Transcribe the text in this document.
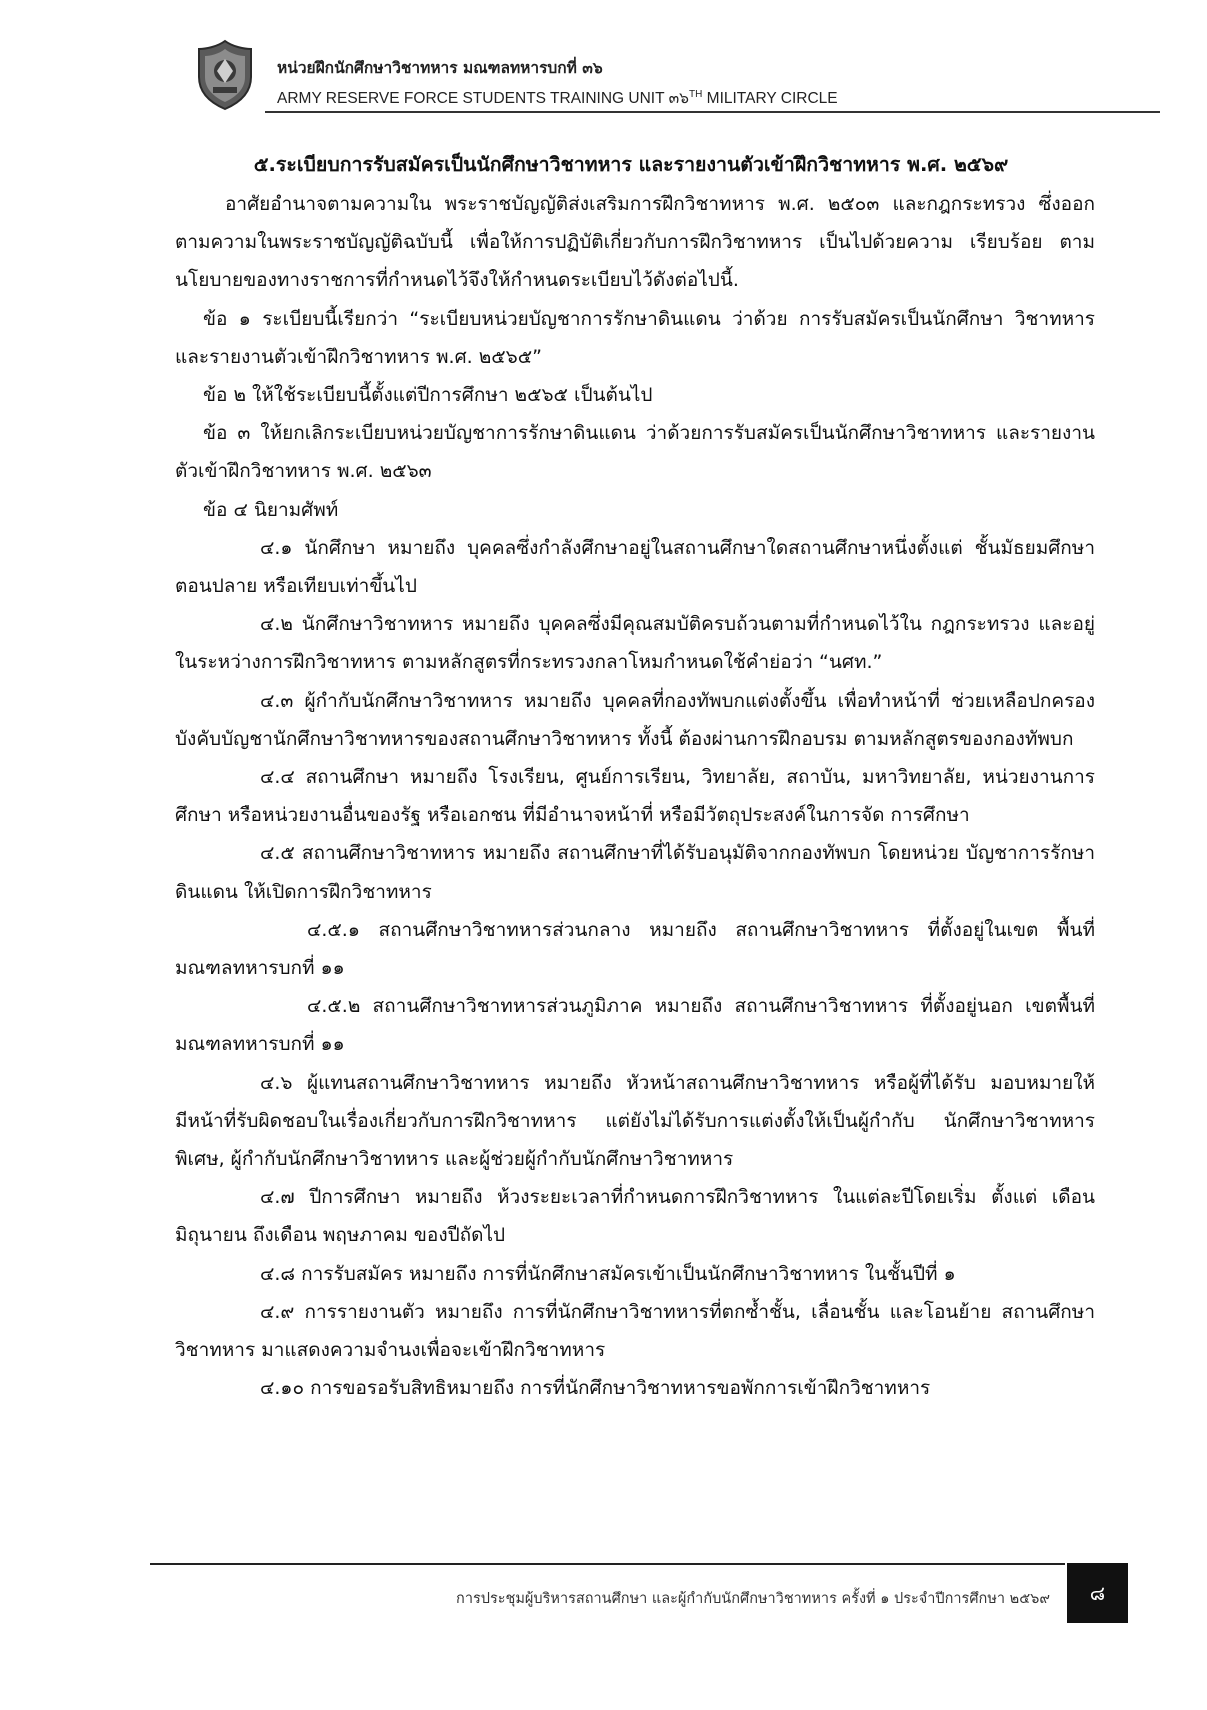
หน่วยฝึกนักศึกษาวิชาทหาร มณฑลทหารบกที่ ๓๖
ARMY RESERVE FORCE STUDENTS TRAINING UNIT ๓๖$^{TH}$ MILITARY CIRCLE
๕.ระเบียบการรับสมัครเป็นนักศึกษาวิชาทหาร และรายงานตัวเข้าฝึกวิชาทหาร พ.ศ. ๒๕๖๙

อาศัยอำนาจตามความใน พระราชบัญญัติส่งเสริมการฝึกวิชาทหาร พ.ศ. ๒๕๐๓ และกฎกระทรวง ซึ่งออกตามความในพระราชบัญญัติฉบับนี้ เพื่อให้การปฏิบัติเกี่ยวกับการฝึกวิชาทหาร เป็นไปด้วยความ เรียบร้อย ตามนโยบายของทางราชการที่กำหนดไว้จึงให้กำหนดระเบียบไว้ดังต่อไปนี้.

ข้อ ๑ ระเบียบนี้เรียกว่า “ระเบียบหน่วยบัญชาการรักษาดินแดน ว่าด้วย การรับสมัครเป็นนักศึกษา วิชาทหาร และรายงานตัวเข้าฝึกวิชาทหาร พ.ศ. ๒๕๖๕”

ข้อ ๒ ให้ใช้ระเบียบนี้ตั้งแต่ปีการศึกษา ๒๕๖๕ เป็นต้นไป

ข้อ ๓ ให้ยกเลิกระเบียบหน่วยบัญชาการรักษาดินแดน ว่าด้วยการรับสมัครเป็นนักศึกษาวิชาทหาร และรายงานตัวเข้าฝึกวิชาทหาร พ.ศ. ๒๕๖๓

ข้อ ๔ นิยามศัพท์

๔.๑ นักศึกษา หมายถึง บุคคลซึ่งกำลังศึกษาอยู่ในสถานศึกษาใดสถานศึกษาหนึ่งตั้งแต่ ชั้นมัธยมศึกษาตอนปลาย หรือเทียบเท่าขึ้นไป

๔.๒ นักศึกษาวิชาทหาร หมายถึง บุคคลซึ่งมีคุณสมบัติครบถ้วนตามที่กำหนดไว้ใน กฎกระทรวง และอยู่ในระหว่างการฝึกวิชาทหาร ตามหลักสูตรที่กระทรวงกลาโหมกำหนดใช้คำย่อว่า “นศท.”

๔.๓ ผู้กำกับนักศึกษาวิชาทหาร หมายถึง บุคคลที่กองทัพบกแต่งตั้งขึ้น เพื่อทำหน้าที่ ช่วยเหลือปกครองบังคับบัญชานักศึกษาวิชาทหารของสถานศึกษาวิชาทหาร ทั้งนี้ ต้องผ่านการฝึกอบรม ตามหลักสูตรของกองทัพบก

๔.๔ สถานศึกษา หมายถึง โรงเรียน, ศูนย์การเรียน, วิทยาลัย, สถาบัน, มหาวิทยาลัย, หน่วยงานการศึกษา หรือหน่วยงานอื่นของรัฐ หรือเอกชน ที่มีอำนาจหน้าที่ หรือมีวัตถุประสงค์ในการจัด การศึกษา

๔.๕ สถานศึกษาวิชาทหาร หมายถึง สถานศึกษาที่ได้รับอนุมัติจากกองทัพบก โดยหน่วย บัญชาการรักษาดินแดน ให้เปิดการฝึกวิชาทหาร

๔.๕.๑ สถานศึกษาวิชาทหารส่วนกลาง หมายถึง สถานศึกษาวิชาทหาร ที่ตั้งอยู่ในเขต พื้นที่ มณฑลทหารบกที่ ๑๑

๔.๕.๒ สถานศึกษาวิชาทหารส่วนภูมิภาค หมายถึง สถานศึกษาวิชาทหาร ที่ตั้งอยู่นอก เขตพื้นที่ มณฑลทหารบกที่ ๑๑

๔.๖ ผู้แทนสถานศึกษาวิชาทหาร หมายถึง หัวหน้าสถานศึกษาวิชาทหาร หรือผู้ที่ได้รับ มอบหมายให้มีหน้าที่รับผิดชอบในเรื่องเกี่ยวกับการฝึกวิชาทหาร แต่ยังไม่ได้รับการแต่งตั้งให้เป็นผู้กำกับ นักศึกษาวิชาทหารพิเศษ, ผู้กำกับนักศึกษาวิชาทหาร และผู้ช่วยผู้กำกับนักศึกษาวิชาทหาร

๔.๗ ปีการศึกษา หมายถึง ห้วงระยะเวลาที่กำหนดการฝึกวิชาทหาร ในแต่ละปีโดยเริ่ม ตั้งแต่ เดือน มิถุนายน ถึงเดือน พฤษภาคม ของปีถัดไป

๔.๘ การรับสมัคร หมายถึง การที่นักศึกษาสมัครเข้าเป็นนักศึกษาวิชาทหาร ในชั้นปีที่ ๑

๔.๙ การรายงานตัว หมายถึง การที่นักศึกษาวิชาทหารที่ตกซ้ำชั้น, เลื่อนชั้น และโอนย้าย สถานศึกษาวิชาทหาร มาแสดงความจำนงเพื่อจะเข้าฝึกวิชาทหาร

๔.๑๐ การขอรอรับสิทธิหมายถึง การที่นักศึกษาวิชาทหารขอพักการเข้าฝึกวิชาทหาร

การประชุมผู้บริหารสถานศึกษา และผู้กำกับนักศึกษาวิชาทหาร ครั้งที่ ๑ ประจำปีการศึกษา ๒๕๖๙	๘
